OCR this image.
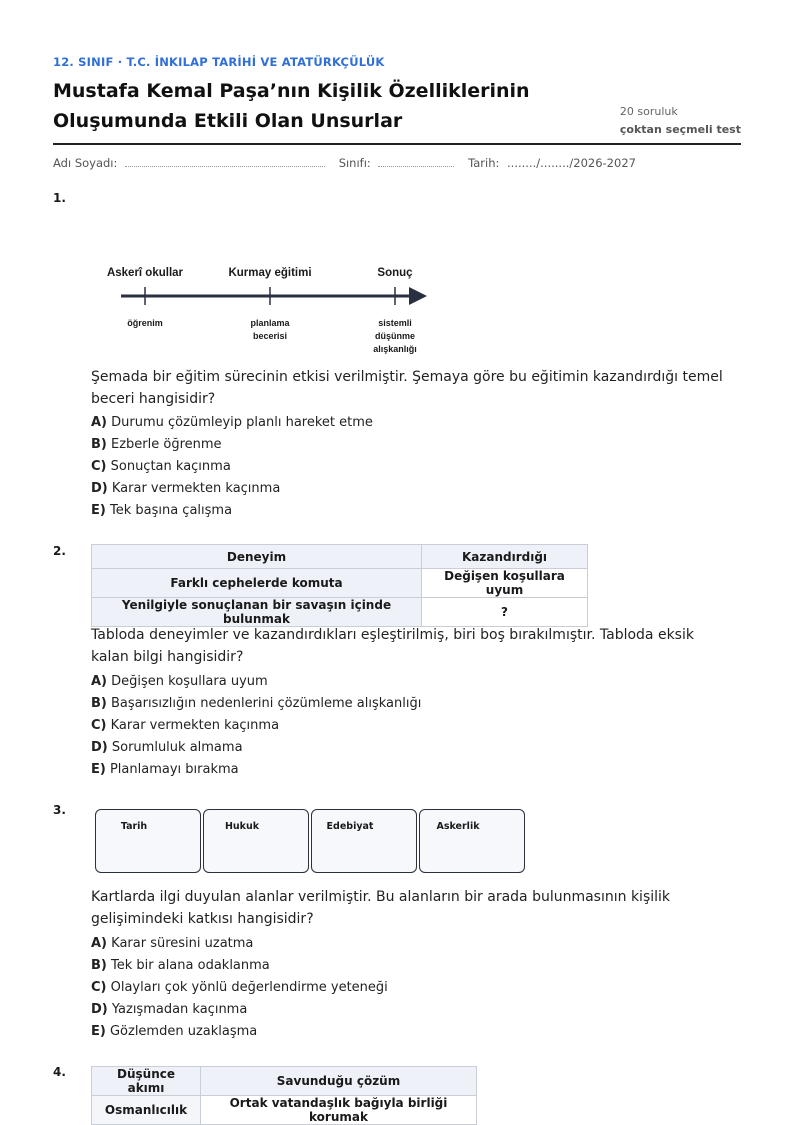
12. SINIF · T.C. İNKILAP TARİHİ VE ATATÜRKÇÜLÜK
Mustafa Kemal Paşa’nın Kişilik Özelliklerinin
Oluşumunda Etkili Olan Unsurlar	20 soruluk
çoktan seçmeli test
Adı Soyadı:	Sınıfı:	Tarih: ......../......../2026-2027
1.
Askerî okullar	Kurmay eğitimi	Sonuç
öğrenim	planlama
becerisi
sistemli
düşünme
alışkanlığı
Şemada bir eğitim sürecinin etkisi verilmiştir. Şemaya göre bu eğitimin kazandırdığı temel beceri hangisidir?
A) Durumu çözümleyip planlı hareket etme
B) Ezberle öğrenme
C) Sonuçtan kaçınma
D) Karar vermekten kaçınma
E) Tek başına çalışma
2.	Deneyim	Kazandırdığı
Farklı cephelerde komuta	Değişen koşullara uyum
Yenilgiyle sonuçlanan bir savaşın içinde bulunmak	?
Tabloda deneyimler ve kazandırdıkları eşleştirilmiş, biri boş bırakılmıştır. Tabloda eksik kalan bilgi hangisidir?
A) Değişen koşullara uyum
B) Başarısızlığın nedenlerini çözümleme alışkanlığı
C) Karar vermekten kaçınma
D) Sorumluluk almama
E) Planlamayı bırakma
3.
Tarih	Hukuk	Edebiyat	Askerlik
Kartlarda ilgi duyulan alanlar verilmiştir. Bu alanların bir arada bulunmasının kişilik gelişimindeki katkısı hangisidir?
A) Karar süresini uzatma
B) Tek bir alana odaklanma
C) Olayları çok yönlü değerlendirme yeteneği
D) Yazışmadan kaçınma
E) Gözlemden uzaklaşma
4.	Düşünce akımı	Savunduğu çözüm
Osmanlıcılık	Ortak vatandaşlık bağıyla birliği korumak
